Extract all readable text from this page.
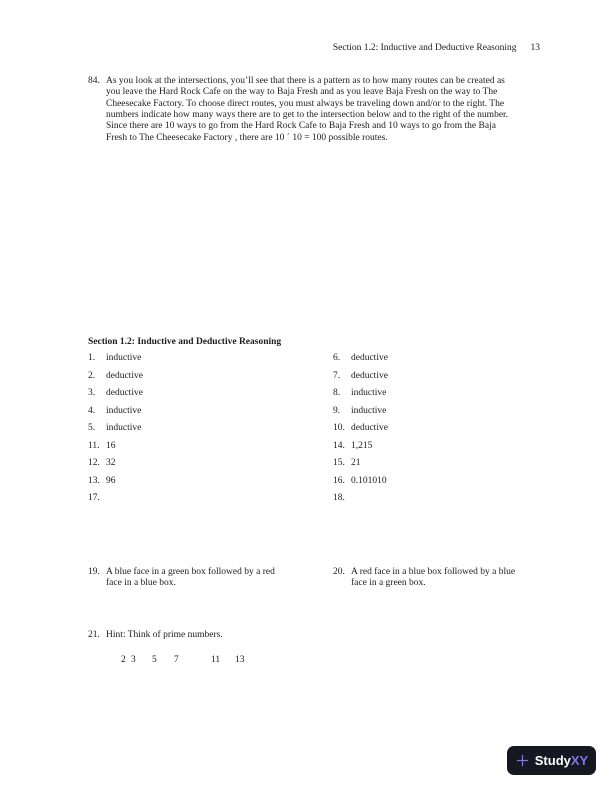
Section 1.2: Inductive and Deductive Reasoning 13
84. As you look at the intersections, you’ll see that there is a pattern as to how many routes can be created as
you leave the Hard Rock Cafe on the way to Baja Fresh and as you leave Baja Fresh on the way to The
Cheesecake Factory. To choose direct routes, you must always be traveling down and/or to the right. The
numbers indicate how many ways there are to get to the intersection below and to the right of the number.
Since there are 10 ways to go from the Hard Rock Cafe to Baja Fresh and 10 ways to go from the Baja
Fresh to The Cheesecake Factory , there are 10 ´ 10 = 100 possible routes.
Section 1.2: Inductive and Deductive Reasoning
1.	inductive
2.	deductive
3.	deductive
4.	inductive
5.	inductive
11. 16
12. 32
13. 96
17.
6.	deductive
7.	deductive
8.	inductive
9.	inductive
10. deductive
14. 1,215
15. 21
16. 0.101010
18.
19. A blue face in a green box followed by a red
face in a blue box.
20. A red face in a blue box followed by a blue
face in a green box.
21. Hint: Think of prime numbers.
2 3 5 7	11 13
StudyXY
